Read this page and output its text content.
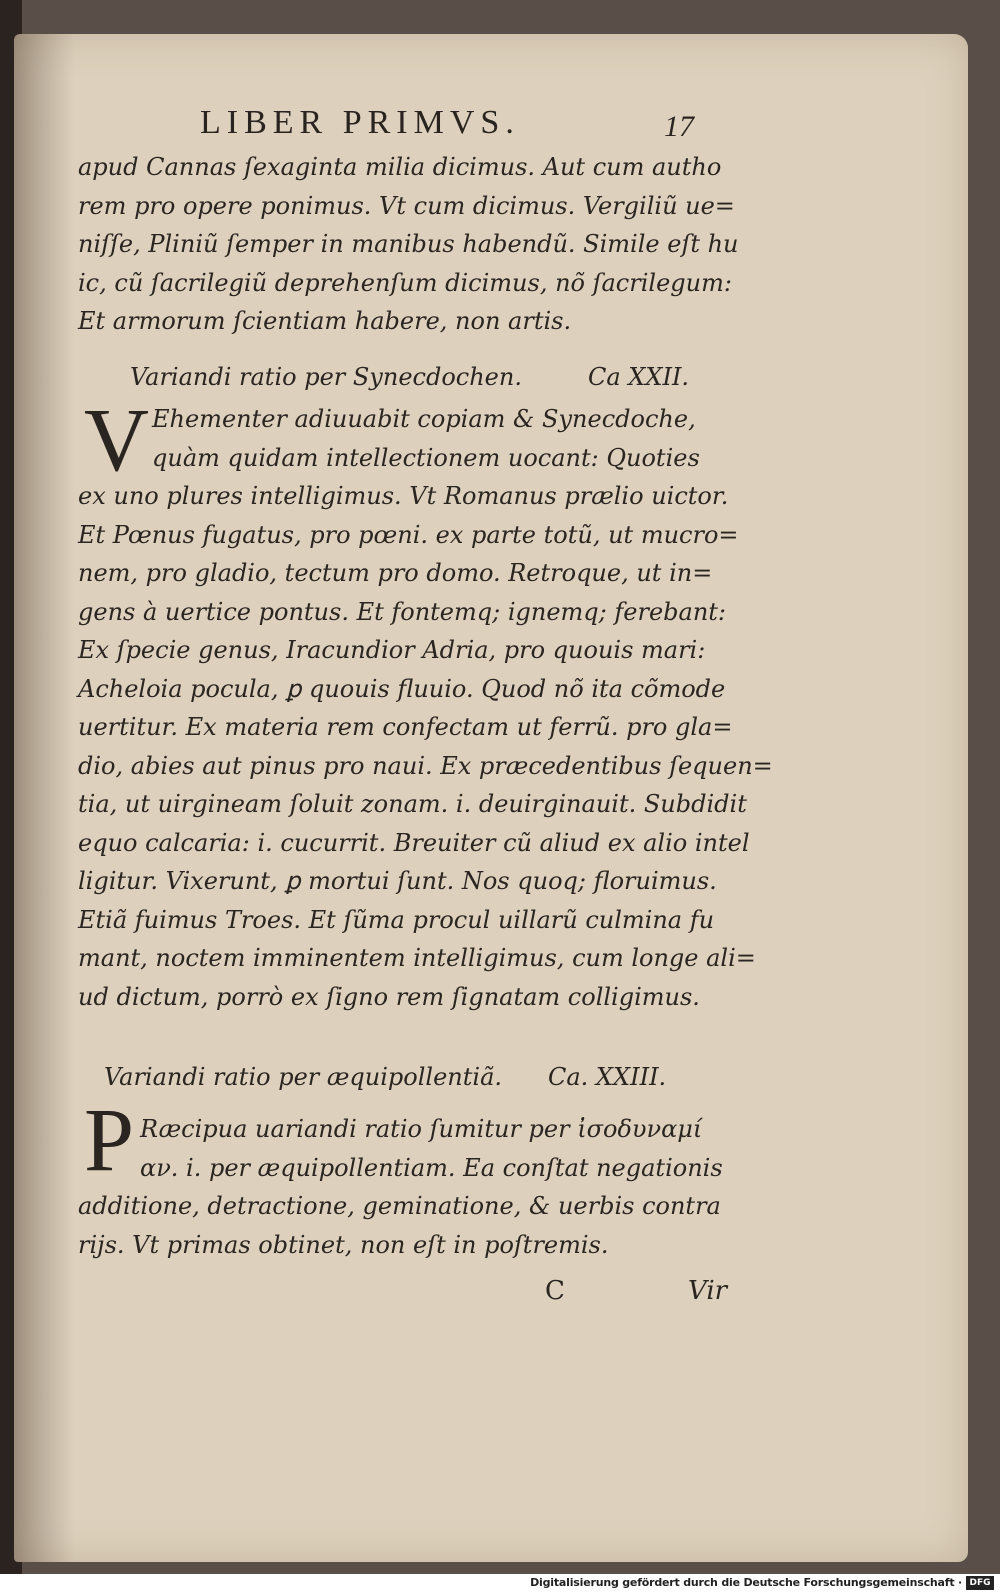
LIBER PRIMVS.	17
apud Cannas ſexaginta milia dicimus. Aut cum autho
rem pro opere ponimus. Vt cum dicimus. Vergiliũ ue=
niſſe, Pliniũ ſemper in manibus habendũ. Simile eſt hu
ic, cũ ſacrilegiũ deprehenſum dicimus, nõ ſacrilegum:
Et armorum ſcientiam habere, non artis.
Variandi ratio per Synecdochen.	Ca XXII.
V Ehementer adiuuabit copiam & Synecdoche,
quàm quidam intellectionem uocant: Quoties
ex uno plures intelligimus. Vt Romanus prælio uictor.
Et Pœnus fugatus, pro pœni. ex parte totũ, ut mucro=
nem, pro gladio, tectum pro domo. Retroque, ut in=
gens à uertice pontus. Et fontemq; ignemq; ferebant:
Ex ſpecie genus, Iracundior Adria, pro quouis mari:
Acheloia pocula, ꝑ quouis fluuio. Quod nõ ita cõmode
uertitur. Ex materia rem confectam ut ferrũ. pro gla=
dio, abies aut pinus pro naui. Ex præcedentibus ſequen=
tia, ut uirgineam ſoluit zonam. i. deuirginauit. Subdidit
equo calcaria: i. cucurrit. Breuiter cũ aliud ex alio intel
ligitur. Vixerunt, ꝑ mortui ſunt. Nos quoq; floruimus.
Etiã fuimus Troes. Et ſũma procul uillarũ culmina fu
mant, noctem imminentem intelligimus, cum longe ali=
ud dictum, porrò ex ſigno rem ſignatam colligimus.
Variandi ratio per æquipollentiã.	Ca. XXIII.
P Ræcipua uariandi ratio ſumitur per ἰσοδυναμί
αν. i. per æquipollentiam. Ea conſtat negationis
additione, detractione, geminatione, & uerbis contra
rijs. Vt primas obtinet, non eſt in poſtremis.
C	Vir
Digitalisierung gefördert durch die Deutsche Forschungsgemeinschaft · DFG
